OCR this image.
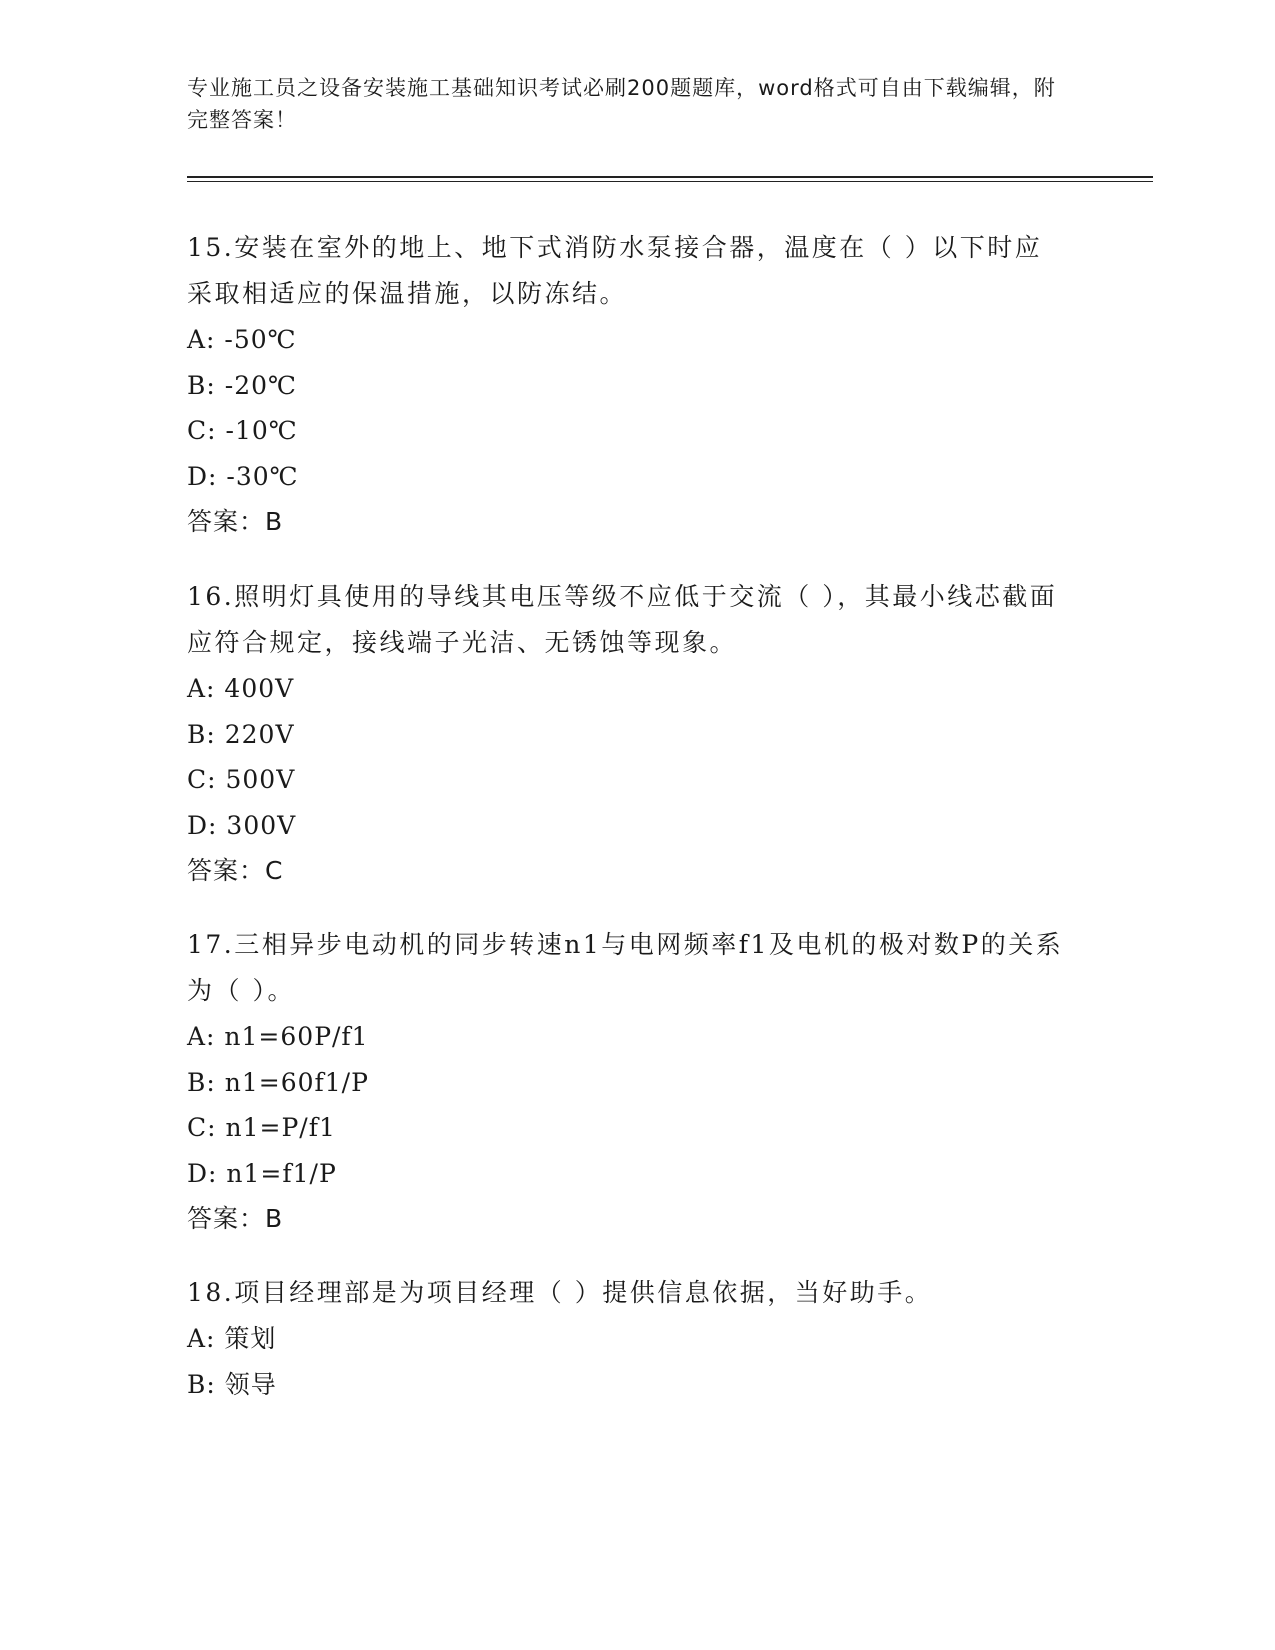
专业施工员之设备安装施工基础知识考试必刷200题题库，word格式可自由下载编辑，附完整答案！

15.安装在室外的地上、地下式消防水泵接合器，温度在（ ）以下时应采取相适应的保温措施，以防冻结。

A: -50℃

B: -20℃

C: -10℃

D: -30℃

答案：B

16.照明灯具使用的导线其电压等级不应低于交流（ ），其最小线芯截面应符合规定，接线端子光洁、无锈蚀等现象。

A: 400V

B: 220V

C: 500V

D: 300V

答案：C

17.三相异步电动机的同步转速n1与电网频率f1及电机的极对数P的关系为（ ）。

A: n1=60P/f1

B: n1=60f1/P

C: n1=P/f1

D: n1=f1/P

答案：B

18.项目经理部是为项目经理（ ）提供信息依据，当好助手。

A: 策划

B: 领导
